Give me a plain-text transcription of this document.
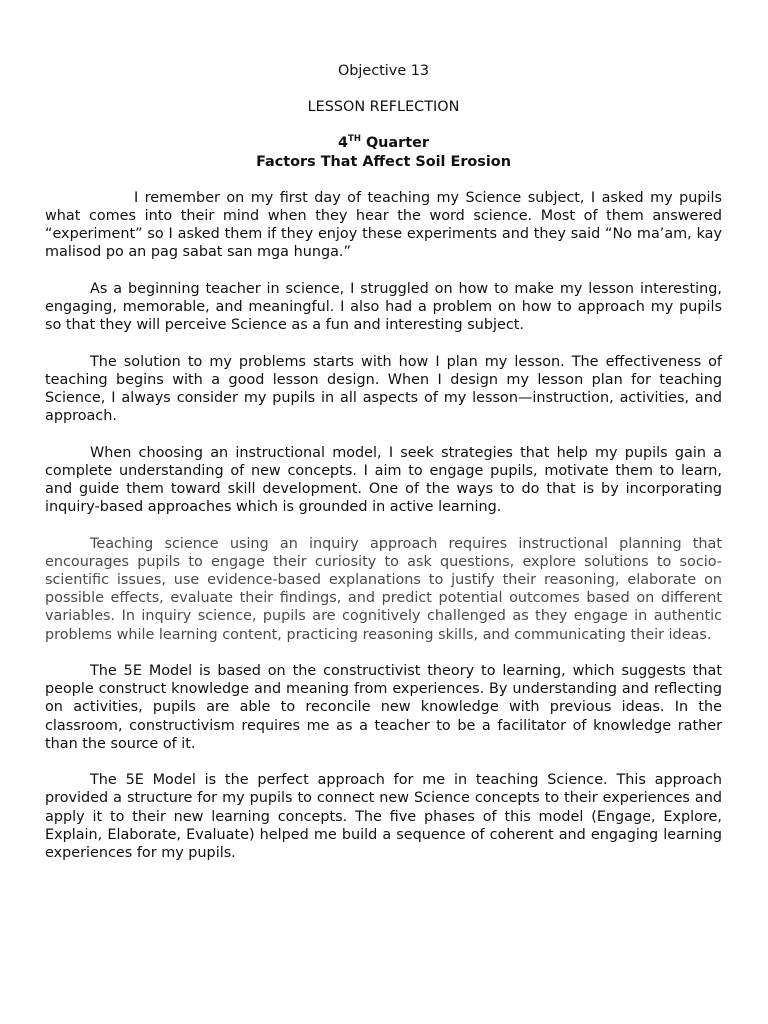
Objective 13
LESSON REFLECTION
4TH Quarter
Factors That Affect Soil Erosion

I remember on my first day of teaching my Science subject, I asked my pupils what comes into their mind when they hear the word science. Most of them answered “experiment” so I asked them if they enjoy these experiments and they said “No ma’am, kay malisod po an pag sabat san mga hunga.”

As a beginning teacher in science, I struggled on how to make my lesson interesting, engaging, memorable, and meaningful. I also had a problem on how to approach my pupils so that they will perceive Science as a fun and interesting subject.

The solution to my problems starts with how I plan my lesson. The effectiveness of teaching begins with a good lesson design. When I design my lesson plan for teaching Science, I always consider my pupils in all aspects of my lesson—instruction, activities, and approach.

When choosing an instructional model, I seek strategies that help my pupils gain a complete understanding of new concepts. I aim to engage pupils, motivate them to learn, and guide them toward skill development. One of the ways to do that is by incorporating inquiry-based approaches which is grounded in active learning.

Teaching science using an inquiry approach requires instructional planning that encourages pupils to engage their curiosity to ask questions, explore solutions to socio-scientific issues, use evidence-based explanations to justify their reasoning, elaborate on possible effects, evaluate their findings, and predict potential outcomes based on different variables. In inquiry science, pupils are cognitively challenged as they engage in authentic problems while learning content, practicing reasoning skills, and communicating their ideas.

The 5E Model is based on the constructivist theory to learning, which suggests that people construct knowledge and meaning from experiences. By understanding and reflecting on activities, pupils are able to reconcile new knowledge with previous ideas. In the classroom, constructivism requires me as a teacher to be a facilitator of knowledge rather than the source of it.

The 5E Model is the perfect approach for me in teaching Science. This approach provided a structure for my pupils to connect new Science concepts to their experiences and apply it to their new learning concepts. The five phases of this model (Engage, Explore, Explain, Elaborate, Evaluate) helped me build a sequence of coherent and engaging learning experiences for my pupils.
